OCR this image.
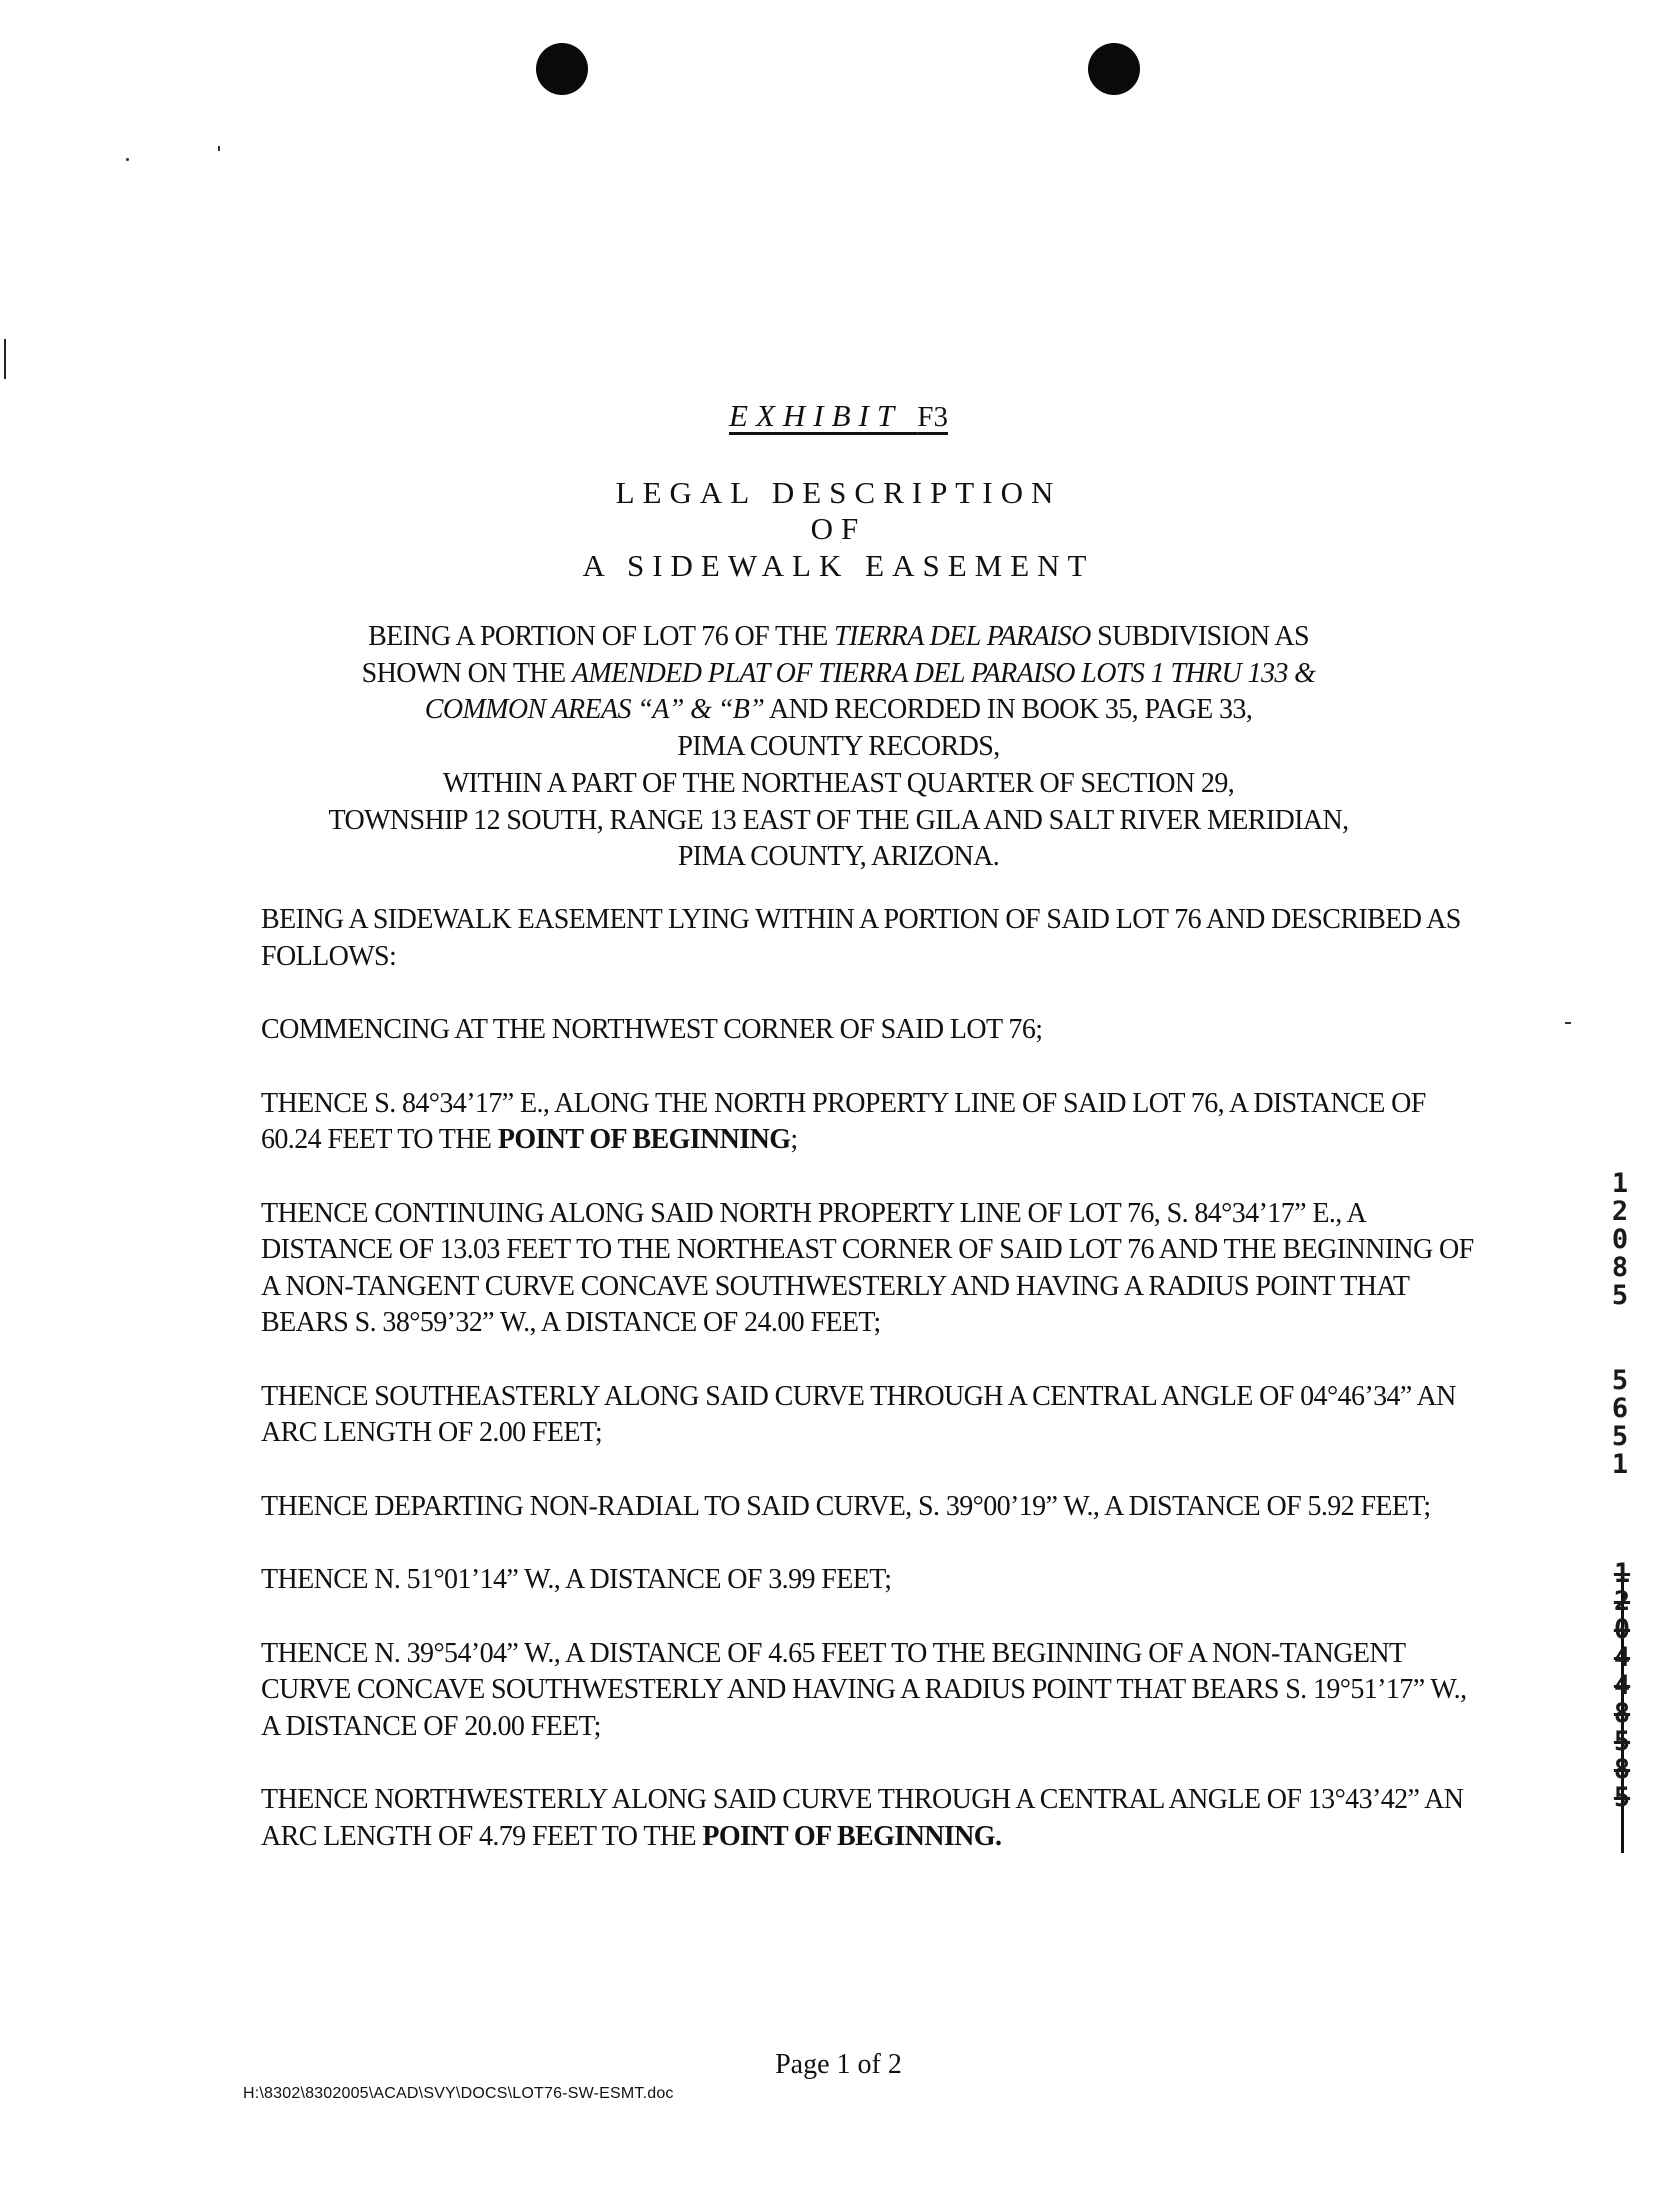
EXHIBIT F3
LEGAL DESCRIPTION
OF
A SIDEWALK EASEMENT
BEING A PORTION OF LOT 76 OF THE TIERRA DEL PARAISO SUBDIVISION AS
SHOWN ON THE AMENDED PLAT OF TIERRA DEL PARAISO LOTS 1 THRU 133 &
COMMON AREAS “A” & “B” AND RECORDED IN BOOK 35, PAGE 33,
PIMA COUNTY RECORDS,
WITHIN A PART OF THE NORTHEAST QUARTER OF SECTION 29,
TOWNSHIP 12 SOUTH, RANGE 13 EAST OF THE GILA AND SALT RIVER MERIDIAN,
PIMA COUNTY, ARIZONA.

BEING A SIDEWALK EASEMENT LYING WITHIN A PORTION OF SAID LOT 76 AND DESCRIBED AS FOLLOWS:

COMMENCING AT THE NORTHWEST CORNER OF SAID LOT 76;

THENCE S. 84°34’17” E., ALONG THE NORTH PROPERTY LINE OF SAID LOT 76, A DISTANCE OF 60.24 FEET TO THE POINT OF BEGINNING;

THENCE CONTINUING ALONG SAID NORTH PROPERTY LINE OF LOT 76, S. 84°34’17” E., A DISTANCE OF 13.03 FEET TO THE NORTHEAST CORNER OF SAID LOT 76 AND THE BEGINNING OF A NON-TANGENT CURVE CONCAVE SOUTHWESTERLY AND HAVING A RADIUS POINT THAT BEARS S. 38°59’32” W., A DISTANCE OF 24.00 FEET;

THENCE SOUTHEASTERLY ALONG SAID CURVE THROUGH A CENTRAL ANGLE OF 04°46’34” AN ARC LENGTH OF 2.00 FEET;

THENCE DEPARTING NON-RADIAL TO SAID CURVE, S. 39°00’19” W., A DISTANCE OF 5.92 FEET;

THENCE N. 51°01’14” W., A DISTANCE OF 3.99 FEET;

THENCE N. 39°54’04” W., A DISTANCE OF 4.65 FEET TO THE BEGINNING OF A NON-TANGENT CURVE CONCAVE SOUTHWESTERLY AND HAVING A RADIUS POINT THAT BEARS S. 19°51’17” W., A DISTANCE OF 20.00 FEET;

THENCE NORTHWESTERLY ALONG SAID CURVE THROUGH A CENTRAL ANGLE OF 13°43’42” AN ARC LENGTH OF 4.79 FEET TO THE POINT OF BEGINNING.

1
2
0
8
5
5
6
5
1
1
2
0
4
4
8
5
8
5
Page 1 of 2
H:\8302\8302005\ACAD\SVY\DOCS\LOT76-SW-ESMT.doc
